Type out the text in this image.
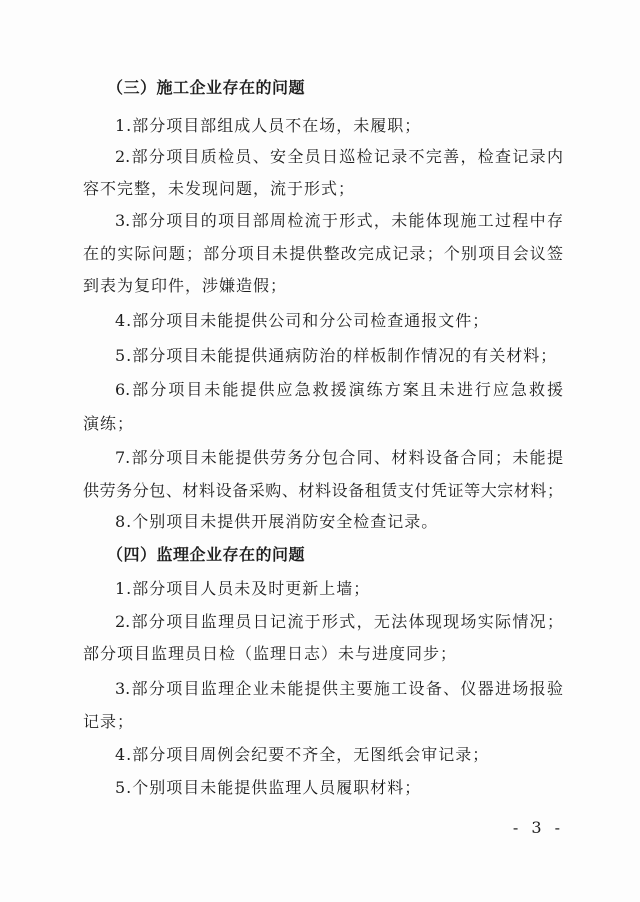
（三）施工企业存在的问题
1.部分项目部组成人员不在场，未履职；
2.部分项目质检员、安全员日巡检记录不完善，检查记录内
容不完整，未发现问题，流于形式；
3.部分项目的项目部周检流于形式，未能体现施工过程中存
在的实际问题；部分项目未提供整改完成记录；个别项目会议签
到表为复印件，涉嫌造假；
4.部分项目未能提供公司和分公司检查通报文件；
5.部分项目未能提供通病防治的样板制作情况的有关材料；
6.部分项目未能提供应急救援演练方案且未进行应急救援
演练；
7.部分项目未能提供劳务分包合同、材料设备合同；未能提
供劳务分包、材料设备采购、材料设备租赁支付凭证等大宗材料；
8.个别项目未提供开展消防安全检查记录。
（四）监理企业存在的问题
1.部分项目人员未及时更新上墙；
2.部分项目监理员日记流于形式，无法体现现场实际情况；
部分项目监理员日检（监理日志）未与进度同步；
3.部分项目监理企业未能提供主要施工设备、仪器进场报验
记录；
4.部分项目周例会纪要不齐全，无图纸会审记录；
5.个别项目未能提供监理人员履职材料；
- 3 -
